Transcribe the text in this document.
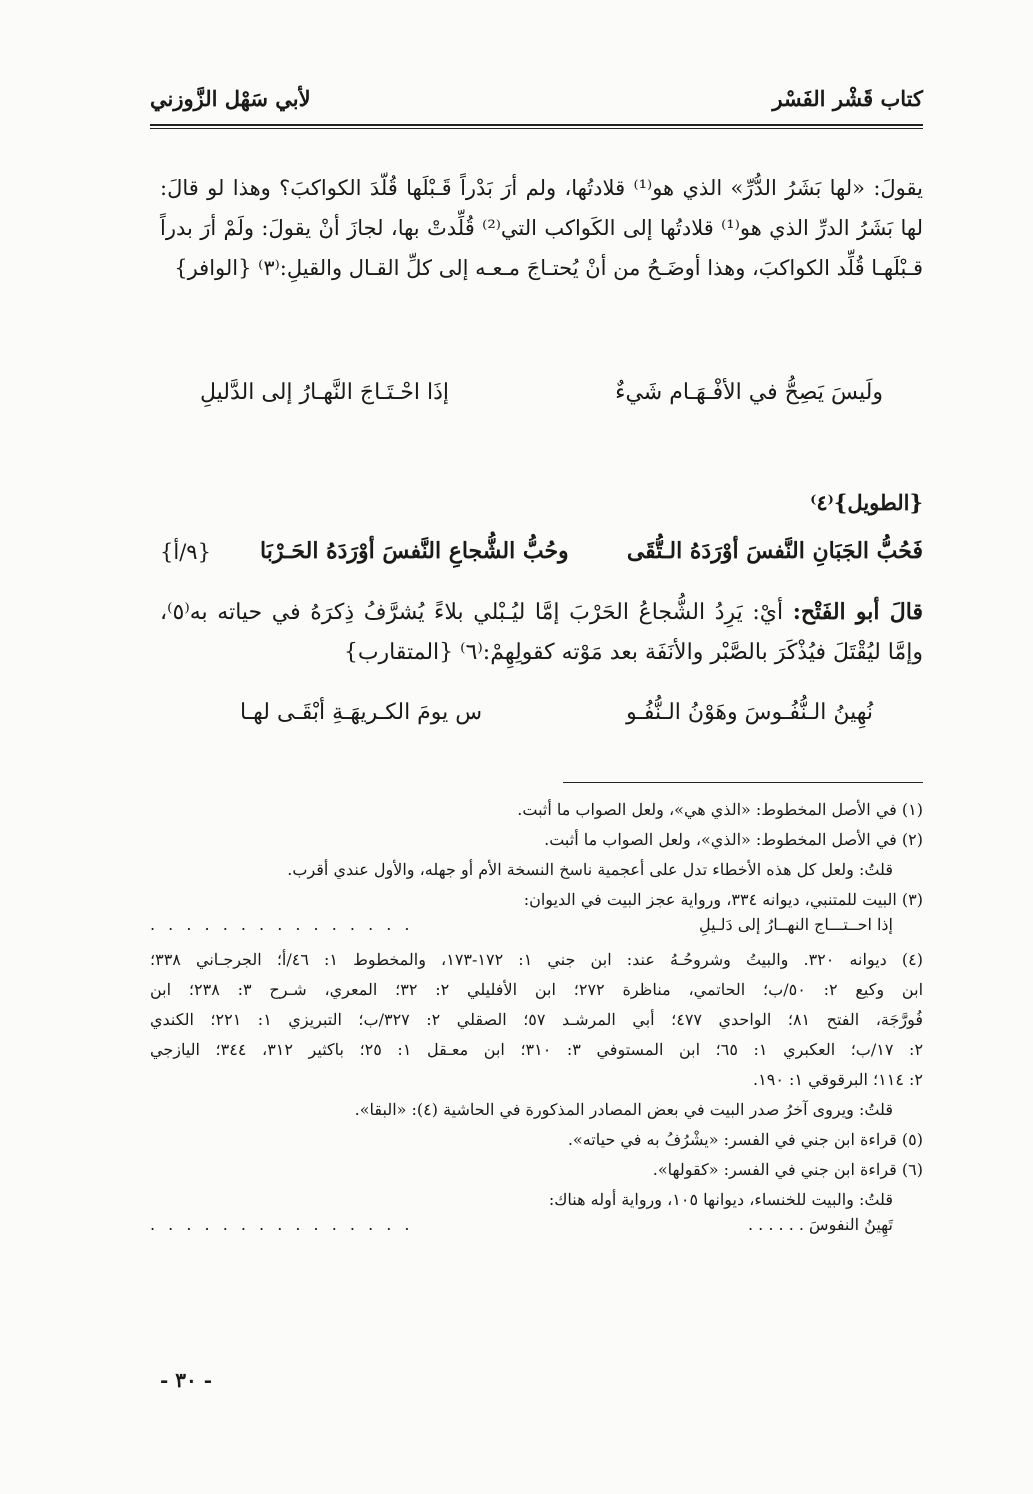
كتاب قَشْر الفَسْر
لأبي سَهْل الزَّوزني

يقولَ: «لها بَشَرُ الدُّرِّ» الذي هو⁽¹⁾ قلادتُها، ولم أرَ بَدْراً قَـبْلَها قُلّدَ الكواكبَ؟ وهذا لو قالَ: لها بَشَرُ الدرِّ الذي هو⁽¹⁾ قلادتُها إلى الكَواكب التي⁽²⁾ قُلِّدتْ بها، لجازَ أنْ يقولَ: ولَمْ أرَ بدراً قـبْلَهـا قُلِّد الكواكبَ، وهذا أوضَـحُ من أنْ يُحتـاجَ مـعـه إلى كلِّ القـال والقيلِ:⁽٣⁾ {الوافر}

ولَيسَ يَصِحُّ في الأفْـهَـام شَيءٌ
إذَا احْـتَـاجَ النَّهـارُ إلى الدَّليلِ
{الطويل}⁽٤⁾
فَحُبُّ الجَبَانِ النَّفسَ أوْرَدَهُ الـتُّقَى
وحُبُّ الشُّجاعِ النَّفسَ أوْرَدَهُ الحَـرْبَا
{٩/أ}

قالَ أبو الفَتْح: أيْ: يَرِدُ الشُّجاعُ الحَرْبَ إمَّا ليُـبْلي بلاءً يُشرَّفُ ذِكرَهُ في حياته به⁽٥⁾، وإمَّا ليُقْتَلَ فيُذْكَرَ بالصَّبْر والأنَفَة بعد مَوْته كقولِهِمْ:⁽٦⁾ {المتقارب}

نُهِينُ الـنُّفُـوسَ وهَوْنُ الـنُّفُـو
س يومَ الكـريهَـةِ أبْقَـى لهـا
(١) في الأصل المخطوط: «الذي هي»، ولعل الصواب ما أثبت.
(٢) في الأصل المخطوط: «الذي»، ولعل الصواب ما أثبت.
قلتُ: ولعل كل هذه الأخطاء تدل على أعجمية ناسخ النسخة الأم أو جهله، والأول عندي أقرب.
(٣) البيت للمتنبي، ديوانه ٣٣٤، ورواية عجز البيت في الديوان:
إذا احــتـــاج النهــارُ إلى دَلـيلِ
. . . . . . . . . . . . . . .
(٤) ديوانه ٣٢٠. والبيتُ وشروحُـهُ عند: ابن جني ١: ١٧٢-١٧٣، والمخطوط ١: ٤٦/أ؛ الجرجـاني ٣٣٨؛
ابن وكيع ٢: ٥٠/ب؛ الحاتمي، مناظرة ٢٧٢؛ ابن الأفليلي ٢: ٣٢؛ المعري، شـرح ٣: ٢٣٨؛ ابن
فُورَّجَة، الفتح ٨١؛ الواحدي ٤٧٧؛ أبي المرشـد ٥٧؛ الصقلي ٢: ٣٢٧/ب؛ التبريزي ١: ٢٢١؛ الكندي
٢: ١٧/ب؛ العكبري ١: ٦٥؛ ابن المستوفي ٣: ٣١٠؛ ابن معـقل ١: ٢٥؛ باكثير ٣١٢، ٣٤٤؛ اليازجي
٢: ١١٤؛ البرقوقي ١: ١٩٠.
قلتُ: ويروى آخرُ صدر البيت في بعض المصادر المذكورة في الحاشية (٤): «البقا».
(٥) قراءة ابن جني في الفسر: «يشْرُفُ به في حياته».
(٦) قراءة ابن جني في الفسر: «كقولها».
قلتُ: والبيت للخنساء، ديوانها ١٠٥، ورواية أوله هناك:
تَهِينُ النفوسَ . . . . . .
. . . . . . . . . . . . . . .
- ٣٠ -
